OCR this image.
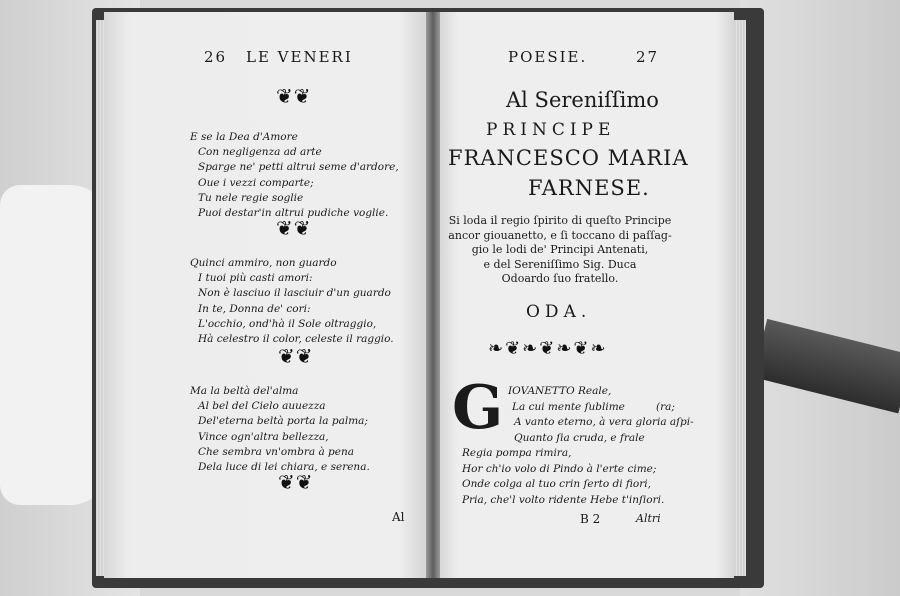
26 LE VENERI
❦❦
E se la Dea d'Amore
Con negligenza ad arte
Sparge ne' petti altrui seme d'ardore,
Oue i vezzi comparte;
Tu nele regie soglie
Puoi destar'in altrui pudiche voglie.
❦❦
Quinci ammiro, non guardo
I tuoi più casti amori:
Non è lasciuo il lasciuir d'un guardo
In te, Donna de' cori:
L'occhio, ond'hà il Sole oltraggio,
Hà celestro il color, celeste il raggio.
❦❦
Ma la beltà del'alma
Al bel del Cielo auuezza
Del'eterna beltà porta la palma;
Vince ogn'altra bellezza,
Che sembra vn'ombra à pena
Dela luce di lei chiara, e serena.
❦❦
Al
POESIE.	27
Al Sereniſſimo
PRINCIPE
FRANCESCO MARIA
FARNESE.
Si loda il regio ſpirito di queſto Principe
ancor giouanetto, e ſi toccano di paſſag-
gio le lodi de' Principi Antenati,
e del Sereniſſimo Sig. Duca
Odoardo ſuo fratello.
ODA.
❧❦❧❦❧❦❧
G IOVANETTO Reale,
La cui mente ſublime
A vanto eterno, à vera gloria aſpi-
Quanto ſia cruda, e frale
Regia pompa rimira,
Hor ch'io volo di Pindo à l'erte cime;
Onde colga al tuo crin ſerto di fiori,
Pria, che'l volto ridente Hebe t'inſiori.
(ra;
B 2	Altri
